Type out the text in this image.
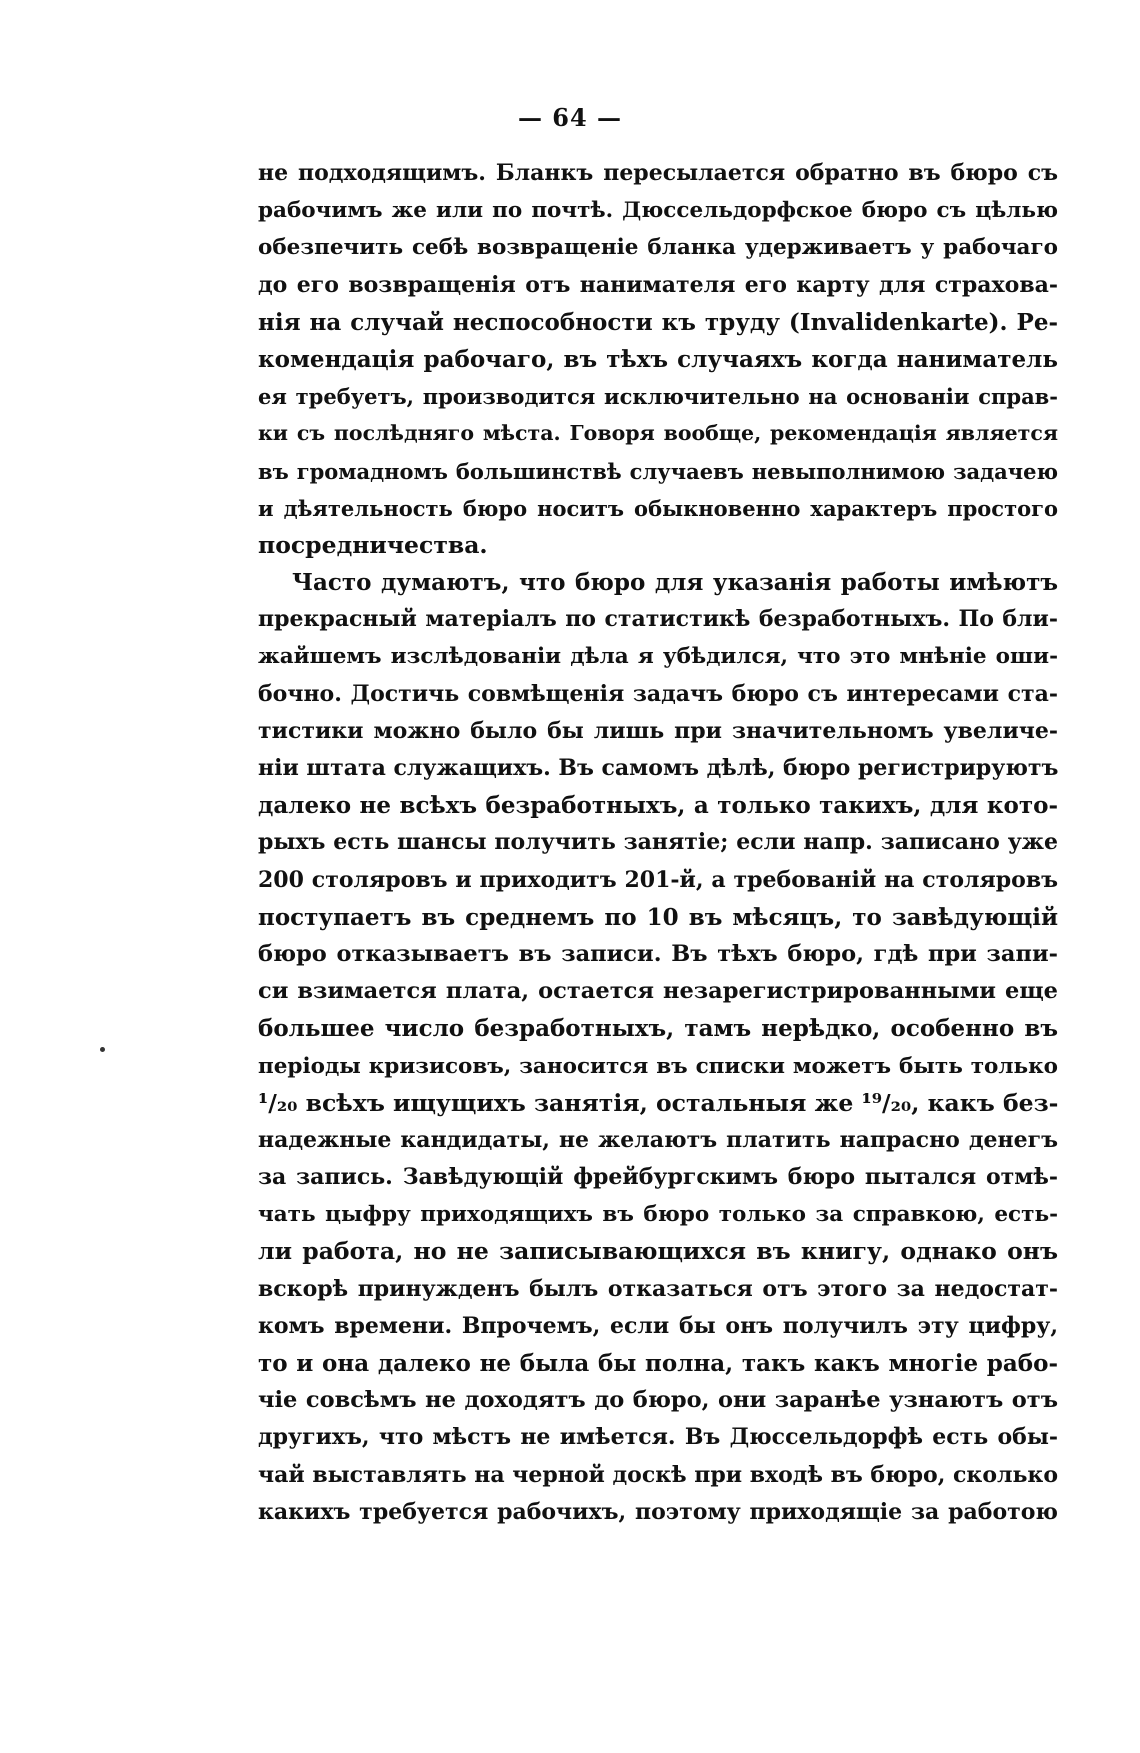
— 64 —
не подходящимъ. Бланкъ пересылается обратно въ бюро съ
рабочимъ же или по почтѣ. Дюссельдорфское бюро съ цѣлью
обезпечить себѣ возвращеніе бланка удерживаетъ у рабочаго
до его возвращенія отъ нанимателя его карту для страхова-
нія на случай неспособности къ труду (Invalidenkarte). Ре-
комендація рабочаго, въ тѣхъ случаяхъ когда наниматель
ея требуетъ, производится исключительно на основаніи справ-
ки съ послѣдняго мѣста. Говоря вообще, рекомендація является
въ громадномъ большинствѣ случаевъ невыполнимою задачею
и дѣятельность бюро носитъ обыкновенно характеръ простого
посредничества.
Часто думаютъ, что бюро для указанія работы имѣютъ
прекрасный матеріалъ по статистикѣ безработныхъ. По бли-
жайшемъ изслѣдованіи дѣла я убѣдился, что это мнѣніе оши-
бочно. Достичь совмѣщенія задачъ бюро съ интересами ста-
тистики можно было бы лишь при значительномъ увеличе-
ніи штата служащихъ. Въ самомъ дѣлѣ, бюро регистрируютъ
далеко не всѣхъ безработныхъ, а только такихъ, для кото-
рыхъ есть шансы получить занятіе; если напр. записано уже
200 столяровъ и приходитъ 201-й, а требованій на столяровъ
поступаетъ въ среднемъ по 10 въ мѣсяцъ, то завѣдующій
бюро отказываетъ въ записи. Въ тѣхъ бюро, гдѣ при запи-
си взимается плата, остается незарегистрированными еще
большее число безработныхъ, тамъ нерѣдко, особенно въ
періоды кризисовъ, заносится въ списки можетъ быть только
¹/₂₀ всѣхъ ищущихъ занятія, остальныя же ¹⁹/₂₀, какъ без-
надежные кандидаты, не желаютъ платить напрасно денегъ
за запись. Завѣдующій фрейбургскимъ бюро пытался отмѣ-
чать цыфру приходящихъ въ бюро только за справкою, есть-
ли работа, но не записывающихся въ книгу, однако онъ
вскорѣ принужденъ былъ отказаться отъ этого за недостат-
комъ времени. Впрочемъ, если бы онъ получилъ эту цифру,
то и она далеко не была бы полна, такъ какъ многіе рабо-
чіе совсѣмъ не доходятъ до бюро, они заранѣе узнаютъ отъ
другихъ, что мѣстъ не имѣется. Въ Дюссельдорфѣ есть обы-
чай выставлять на черной доскѣ при входѣ въ бюро, сколько
какихъ требуется рабочихъ, поэтому приходящіе за работою
